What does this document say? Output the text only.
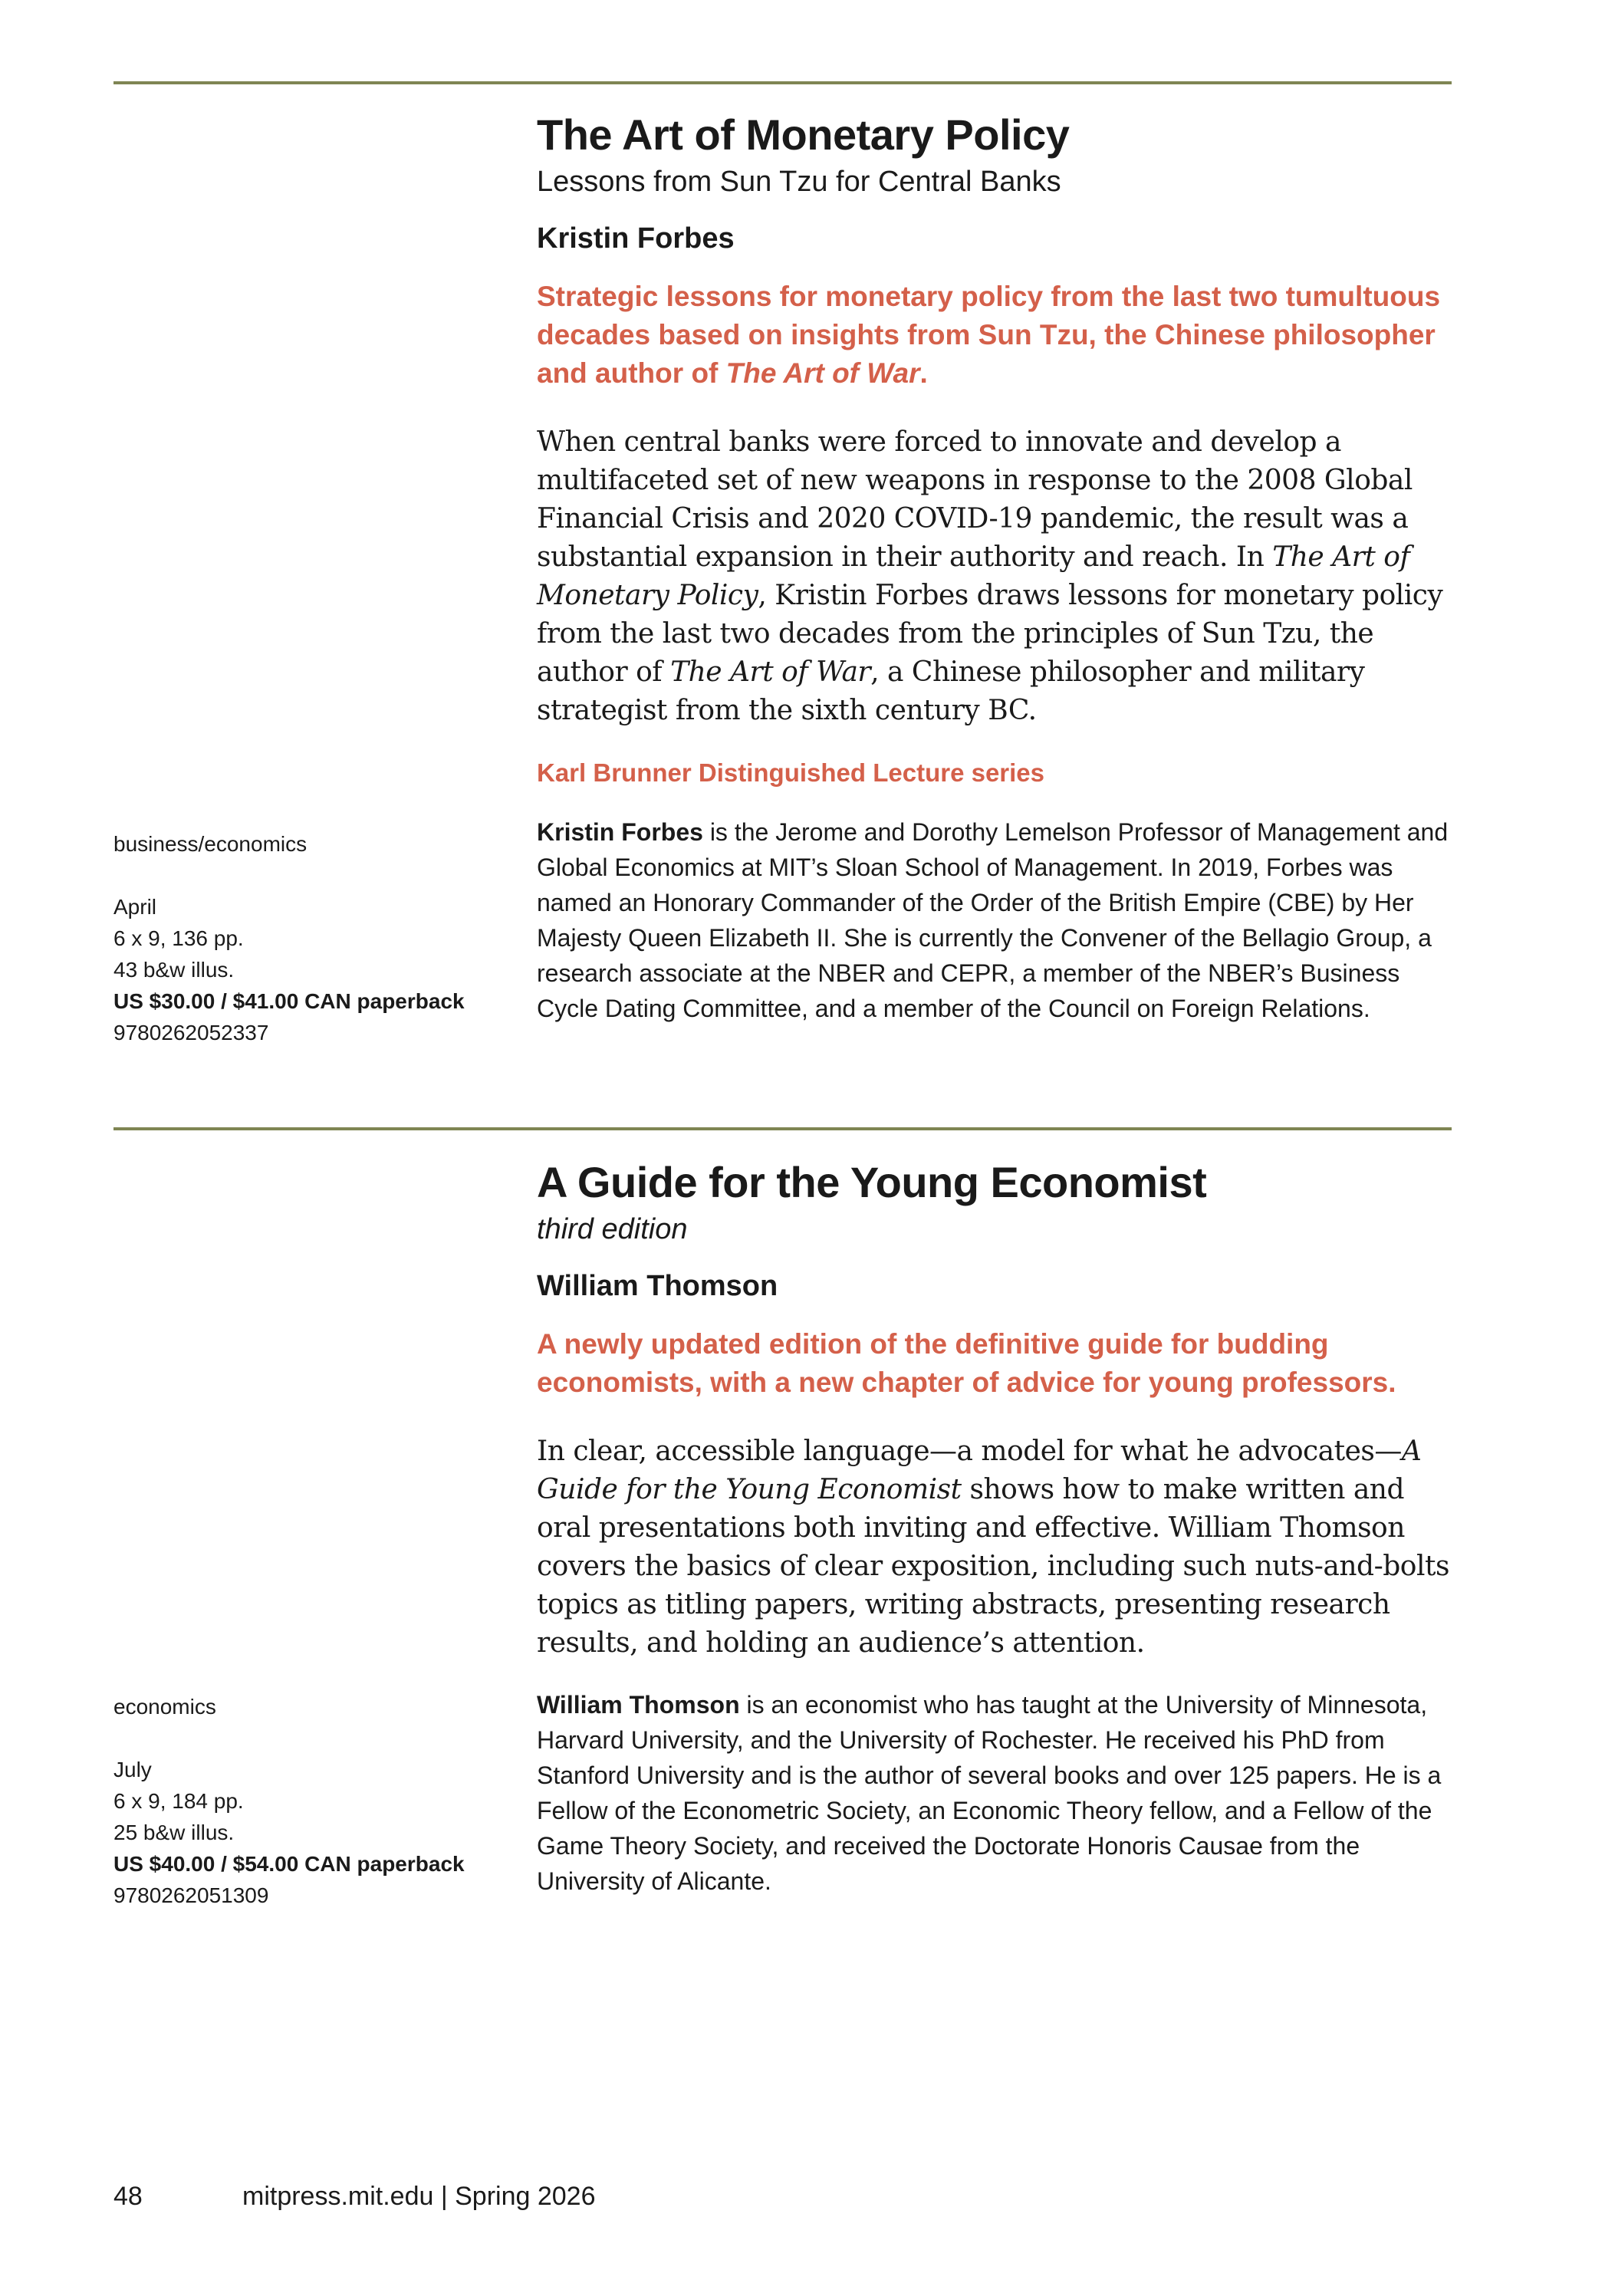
The Art of Monetary Policy

Lessons from Sun Tzu for Central Banks

Kristin Forbes

Strategic lessons for monetary policy from the last two tumultuous decades based on insights from Sun Tzu, the Chinese philosopher and author of The Art of War.

When central banks were forced to innovate and develop a multifaceted set of new weapons in response to the 2008 Global Financial Crisis and 2020 COVID-19 pandemic, the result was a substantial expansion in their authority and reach. In The Art of Monetary Policy, Kristin Forbes draws lessons for monetary policy from the last two decades from the principles of Sun Tzu, the author of The Art of War, a Chinese philosopher and military strategist from the sixth century BC.

Karl Brunner Distinguished Lecture series

Kristin Forbes is the Jerome and Dorothy Lemelson Professor of Management and Global Economics at MIT’s Sloan School of Management. In 2019, Forbes was named an Honorary Commander of the Order of the British Empire (CBE) by Her Majesty Queen Elizabeth II. She is currently the Convener of the Bellagio Group, a research associate at the NBER and CEPR, a member of the NBER’s Business Cycle Dating Committee, and a member of the Council on Foreign Relations.

business/economics
April
6 x 9, 136 pp.
43 b&w illus.
US $30.00 / $41.00 CAN paperback
9780262052337
A Guide for the Young Economist

third edition

William Thomson

A newly updated edition of the definitive guide for budding economists, with a new chapter of advice for young professors.

In clear, accessible language—a model for what he advocates—A Guide for the Young Economist shows how to make written and oral presentations both inviting and effective. William Thomson covers the basics of clear exposition, including such nuts-and-bolts topics as titling papers, writing abstracts, presenting research results, and holding an audience’s attention.

William Thomson is an economist who has taught at the University of Minnesota, Harvard University, and the University of Rochester. He received his PhD from Stanford University and is the author of several books and over 125 papers. He is a Fellow of the Econometric Society, an Economic Theory fellow, and a Fellow of the Game Theory Society, and received the Doctorate Honoris Causae from the University of Alicante.

economics
July
6 x 9, 184 pp.
25 b&w illus.
US $40.00 / $54.00 CAN paperback
9780262051309
48	mitpress.mit.edu | Spring 2026
